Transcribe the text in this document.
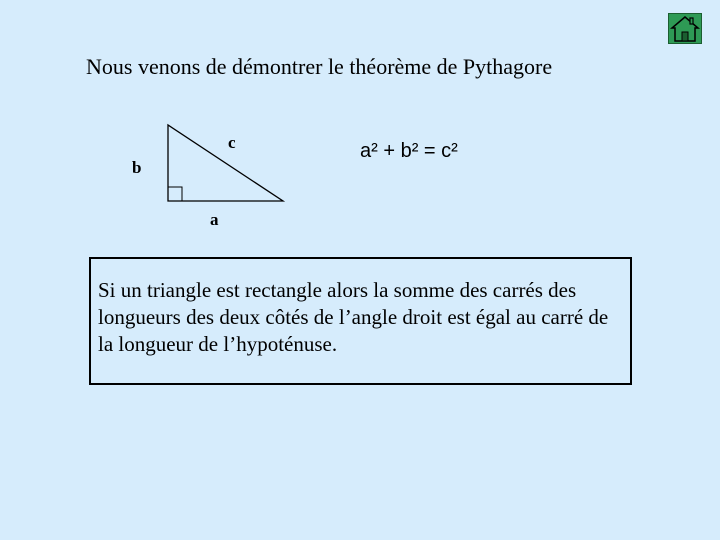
Nous venons de démontrer le théorème de Pythagore
c
b
a
a² + b² = c²
Si un triangle est rectangle alors la somme des carrés des longueurs des deux côtés de l’angle droit est égal au carré de la longueur de l’hypoténuse.
